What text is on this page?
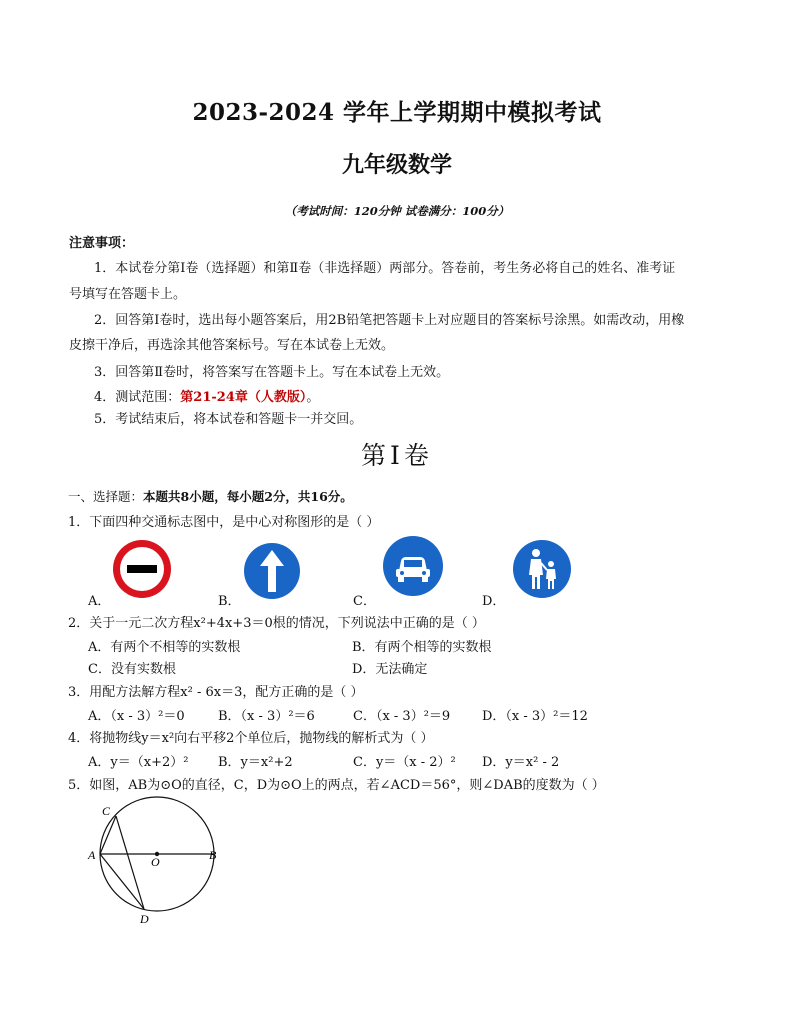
2023-2024 学年上学期期中模拟考试
九年级数学
（考试时间：120分钟 试卷满分：100分）
注意事项：
1．本试卷分第Ⅰ卷（选择题）和第Ⅱ卷（非选择题）两部分。答卷前，考生务必将自己的姓名、准考证
号填写在答题卡上。
2．回答第Ⅰ卷时，选出每小题答案后，用2B铅笔把答题卡上对应题目的答案标号涂黑。如需改动，用橡
皮擦干净后，再选涂其他答案标号。写在本试卷上无效。
3．回答第Ⅱ卷时，将答案写在答题卡上。写在本试卷上无效。
4．测试范围：第21-24章（人教版）。
5．考试结束后，将本试卷和答题卡一并交回。
第Ⅰ卷
一、选择题：本题共8小题，每小题2分，共16分。
1．下面四种交通标志图中，是中心对称图形的是（ ）
A．	B．	C．	D．
2．关于一元二次方程x²+4x+3＝0根的情况，下列说法中正确的是（ ）
A．有两个不相等的实数根	B．有两个相等的实数根
C．没有实数根	D．无法确定
3．用配方法解方程x² - 6x＝3，配方正确的是（ ）
A．（x - 3）²＝0	B．（x - 3）²＝6	C．（x - 3）²＝9 D．（x - 3）²＝12
4．将抛物线y＝x²向右平移2个单位后，抛物线的解析式为（ ）
A．y＝（x+2）² B．y＝x²+2	C．y＝（x - 2）² D．y＝x² - 2
5．如图，AB为⊙O的直径，C，D为⊙O上的两点，若∠ACD＝56°，则∠DAB的度数为（ ）
C
A	B
O
D
